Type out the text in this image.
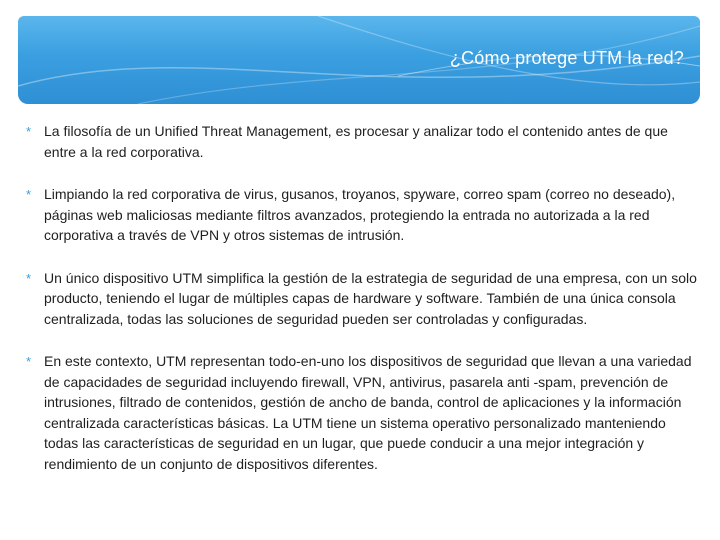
¿Cómo protege UTM la red?
* La filosofía de un Unified Threat Management, es procesar y analizar todo el contenido antes de que entre a la red corporativa.
* Limpiando la red corporativa de virus, gusanos, troyanos, spyware, correo spam (correo no deseado), páginas web maliciosas mediante filtros avanzados, protegiendo la entrada no autorizada a la red corporativa a través de VPN y otros sistemas de intrusión.
* Un único dispositivo UTM simplifica la gestión de la estrategia de seguridad de una empresa, con un solo producto, teniendo el lugar de múltiples capas de hardware y software. También de una única consola centralizada, todas las soluciones de seguridad pueden ser controladas y configuradas.
* En este contexto, UTM representan todo-en-uno los dispositivos de seguridad que llevan a una variedad de capacidades de seguridad incluyendo firewall, VPN, antivirus, pasarela anti -spam, prevención de intrusiones, filtrado de contenidos, gestión de ancho de banda, control de aplicaciones y la información centralizada características básicas. La UTM tiene un sistema operativo personalizado manteniendo todas las características de seguridad en un lugar, que puede conducir a una mejor integración y rendimiento de un conjunto de dispositivos diferentes.
